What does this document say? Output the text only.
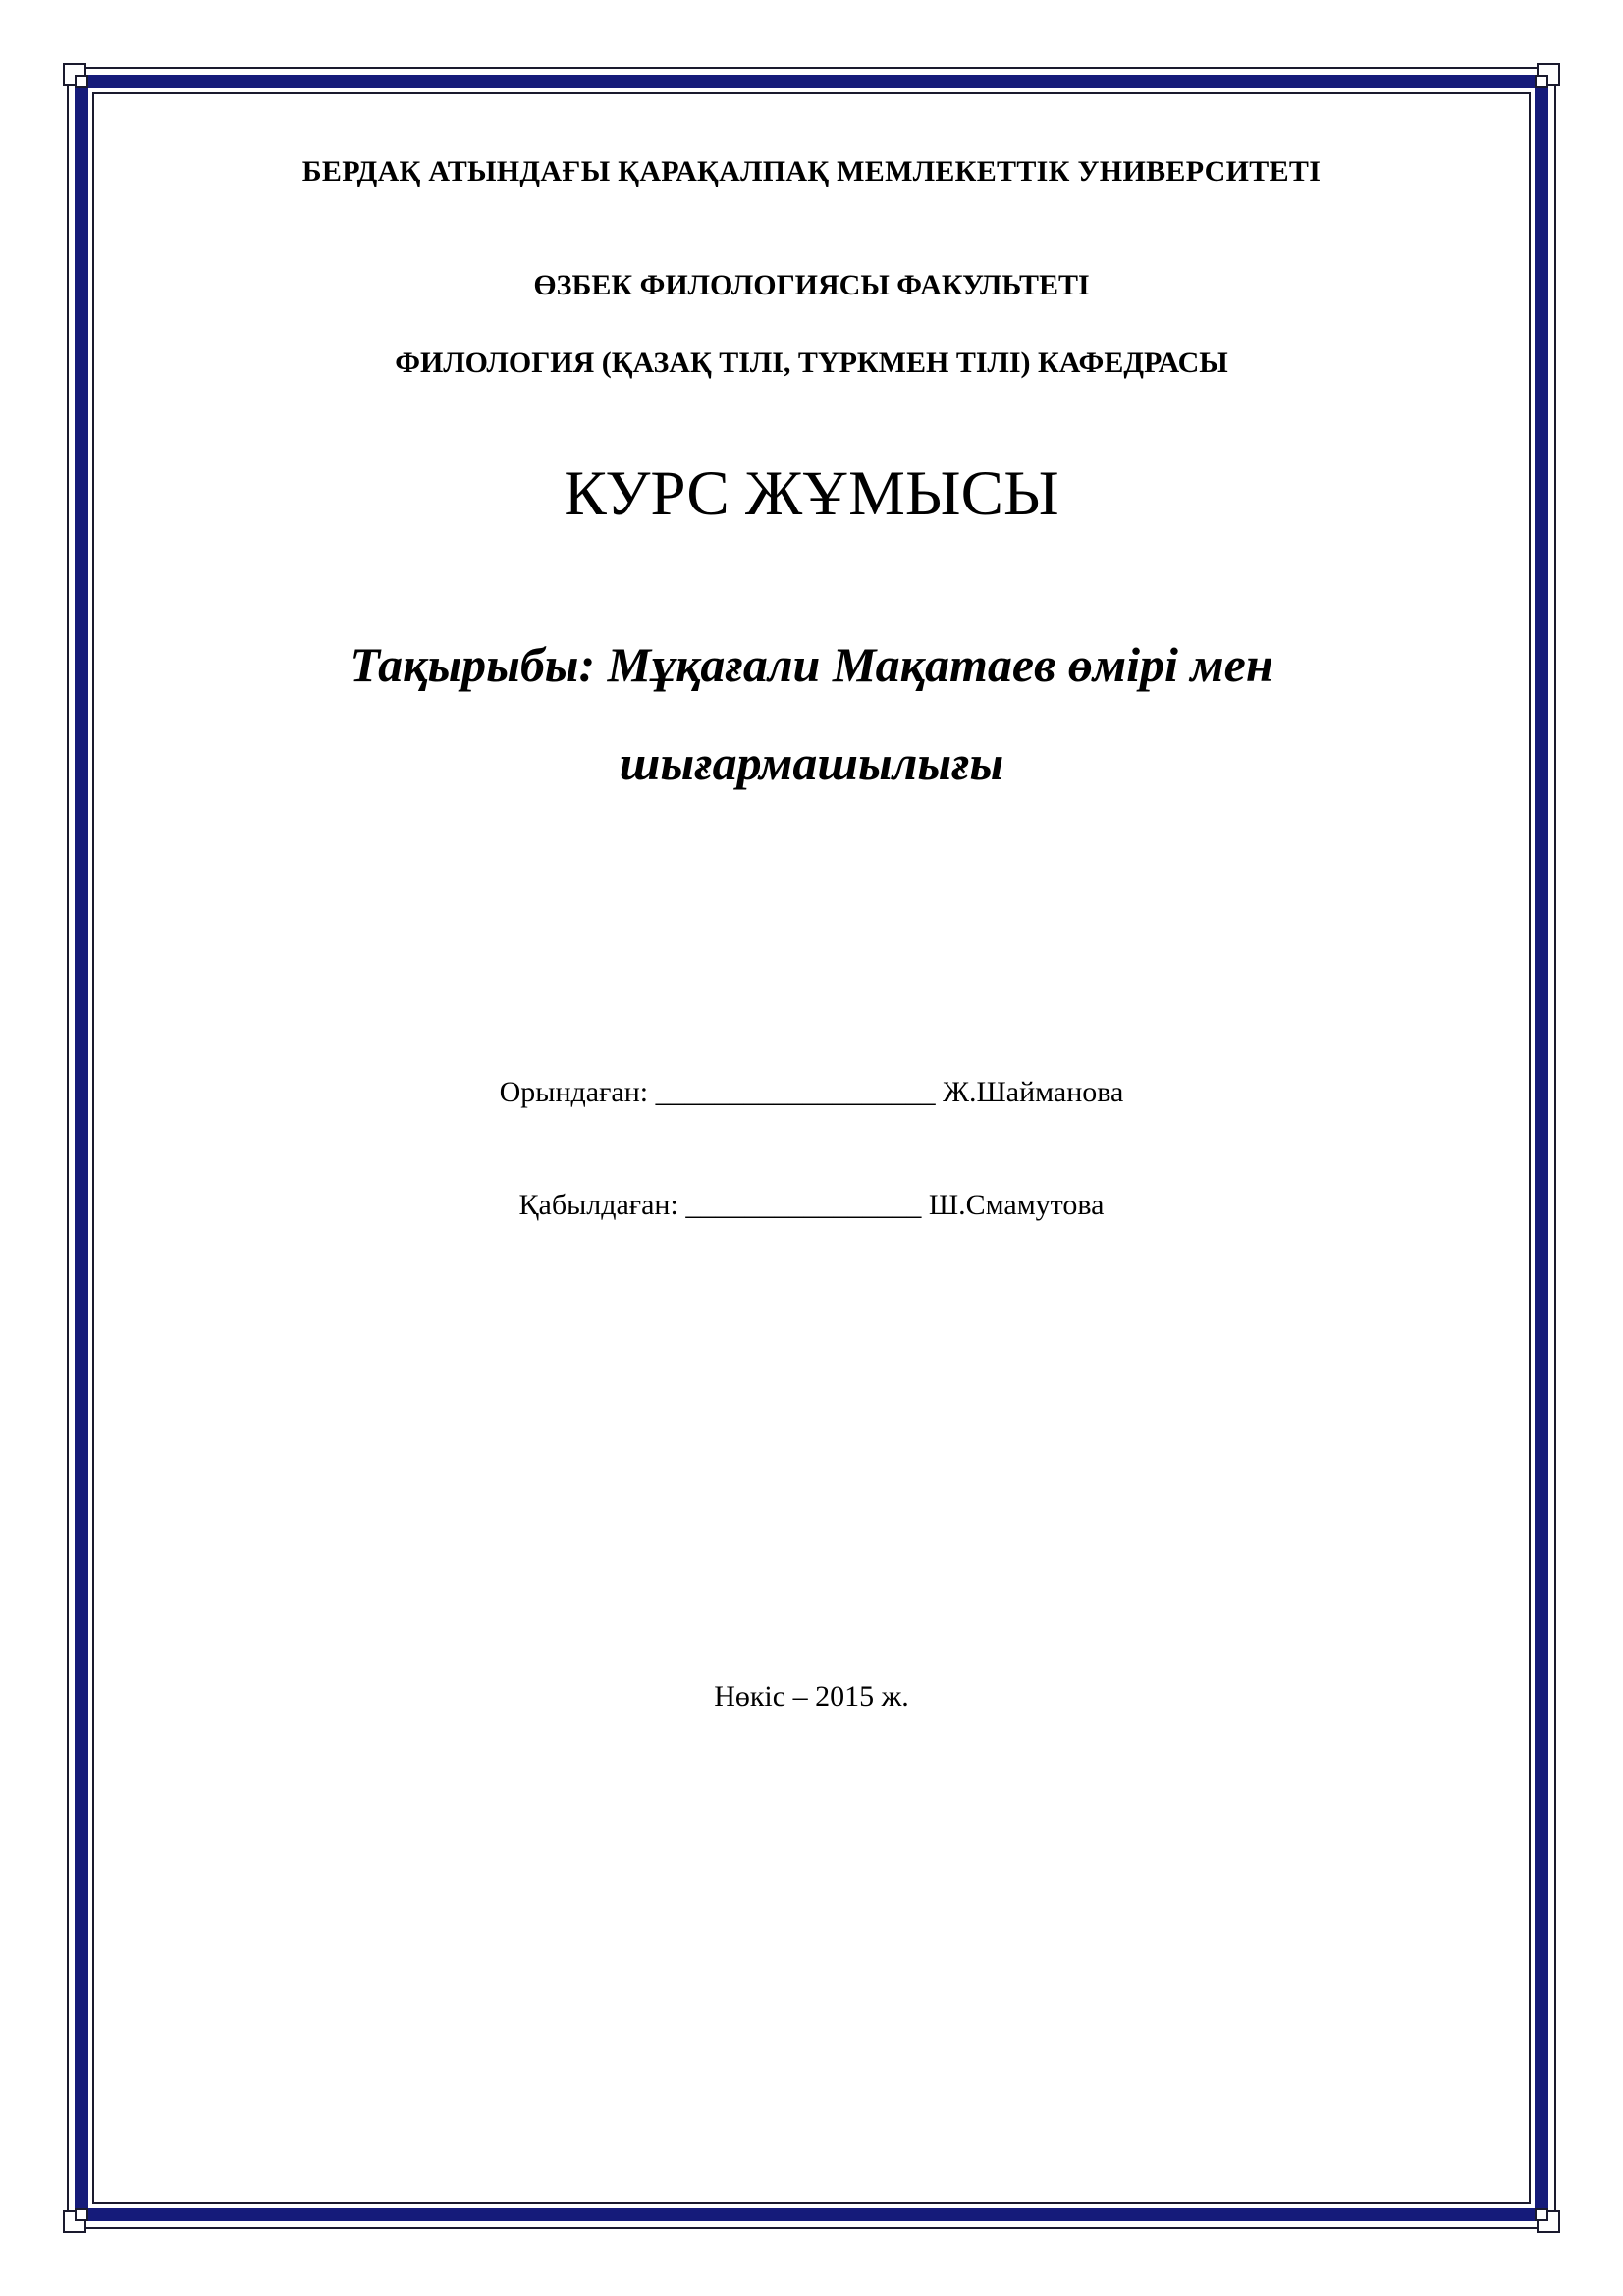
БЕРДАҚ АТЫНДАҒЫ ҚАРАҚАЛПАҚ МЕМЛЕКЕТТІК УНИВЕРСИТЕТІ
ӨЗБЕК ФИЛОЛОГИЯСЫ ФАКУЛЬТЕТІ
ФИЛОЛОГИЯ (ҚАЗАҚ ТІЛІ, ТҮРКМЕН ТІЛІ) КАФЕДРАСЫ
КУРС ЖҰМЫСЫ
Тақырыбы: Мұқағали Мақатаев өмірі мен
шығармашылығы
Орындаған: ___________________ Ж.Шайманова
Қабылдаған: ________________ Ш.Смамутова
Нөкіс – 2015 ж.
